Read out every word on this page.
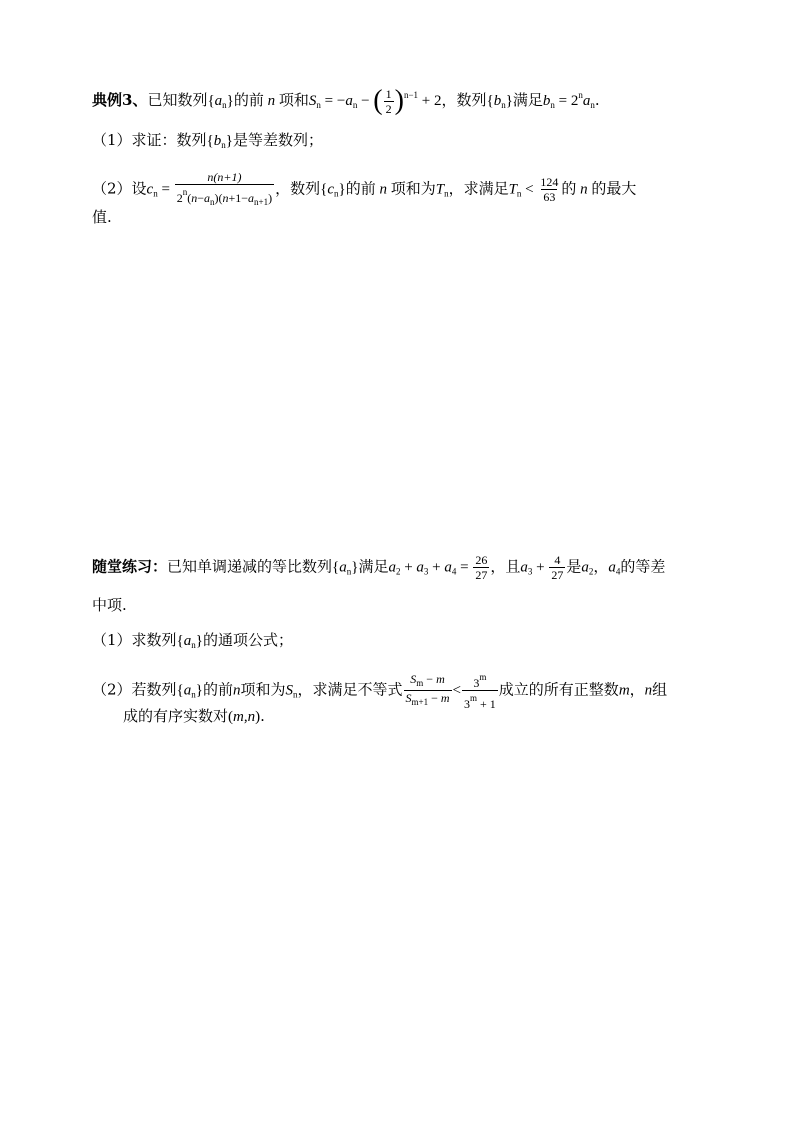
典例3、已知数列$\{a_n\}$的前 n 项和$S_n = -a_n$ − ( $\frac{1}{2} )^{n-1} + 2$，数列$\{b_n\}$满足$b_n = 2^na_n$.
（1）求证：数列$\{b_n\}$是等差数列；
（2）设$c_n = \frac{n(n+1)}{2^n(n-a_n)(n+1-a_{n+1})}$ ，数列$\{c_n\}$的前 n 项和为$T_n$，求满足$T_n < \frac{124}{63}$ 的 n 的最大
值.
随堂练习：已知单调递减的等比数列$\{a_n\}$满足$a_2 + a_3 + a_4 = \frac{26}{27}$ ，且$a_3 + \frac{4}{27}$ 是$a_2$，$a_4$的等差
中项.
（1）求数列$\{a_n\}$的通项公式；
（2）若数列$\{a_n\}$的前n项和为$S_n$，求满足不等式 $\frac{S_m - m}{S_{m+1} - m} < \frac{3^m}{3^m + 1}$ 成立的所有正整数m，n组
成的有序实数对(m,n).
